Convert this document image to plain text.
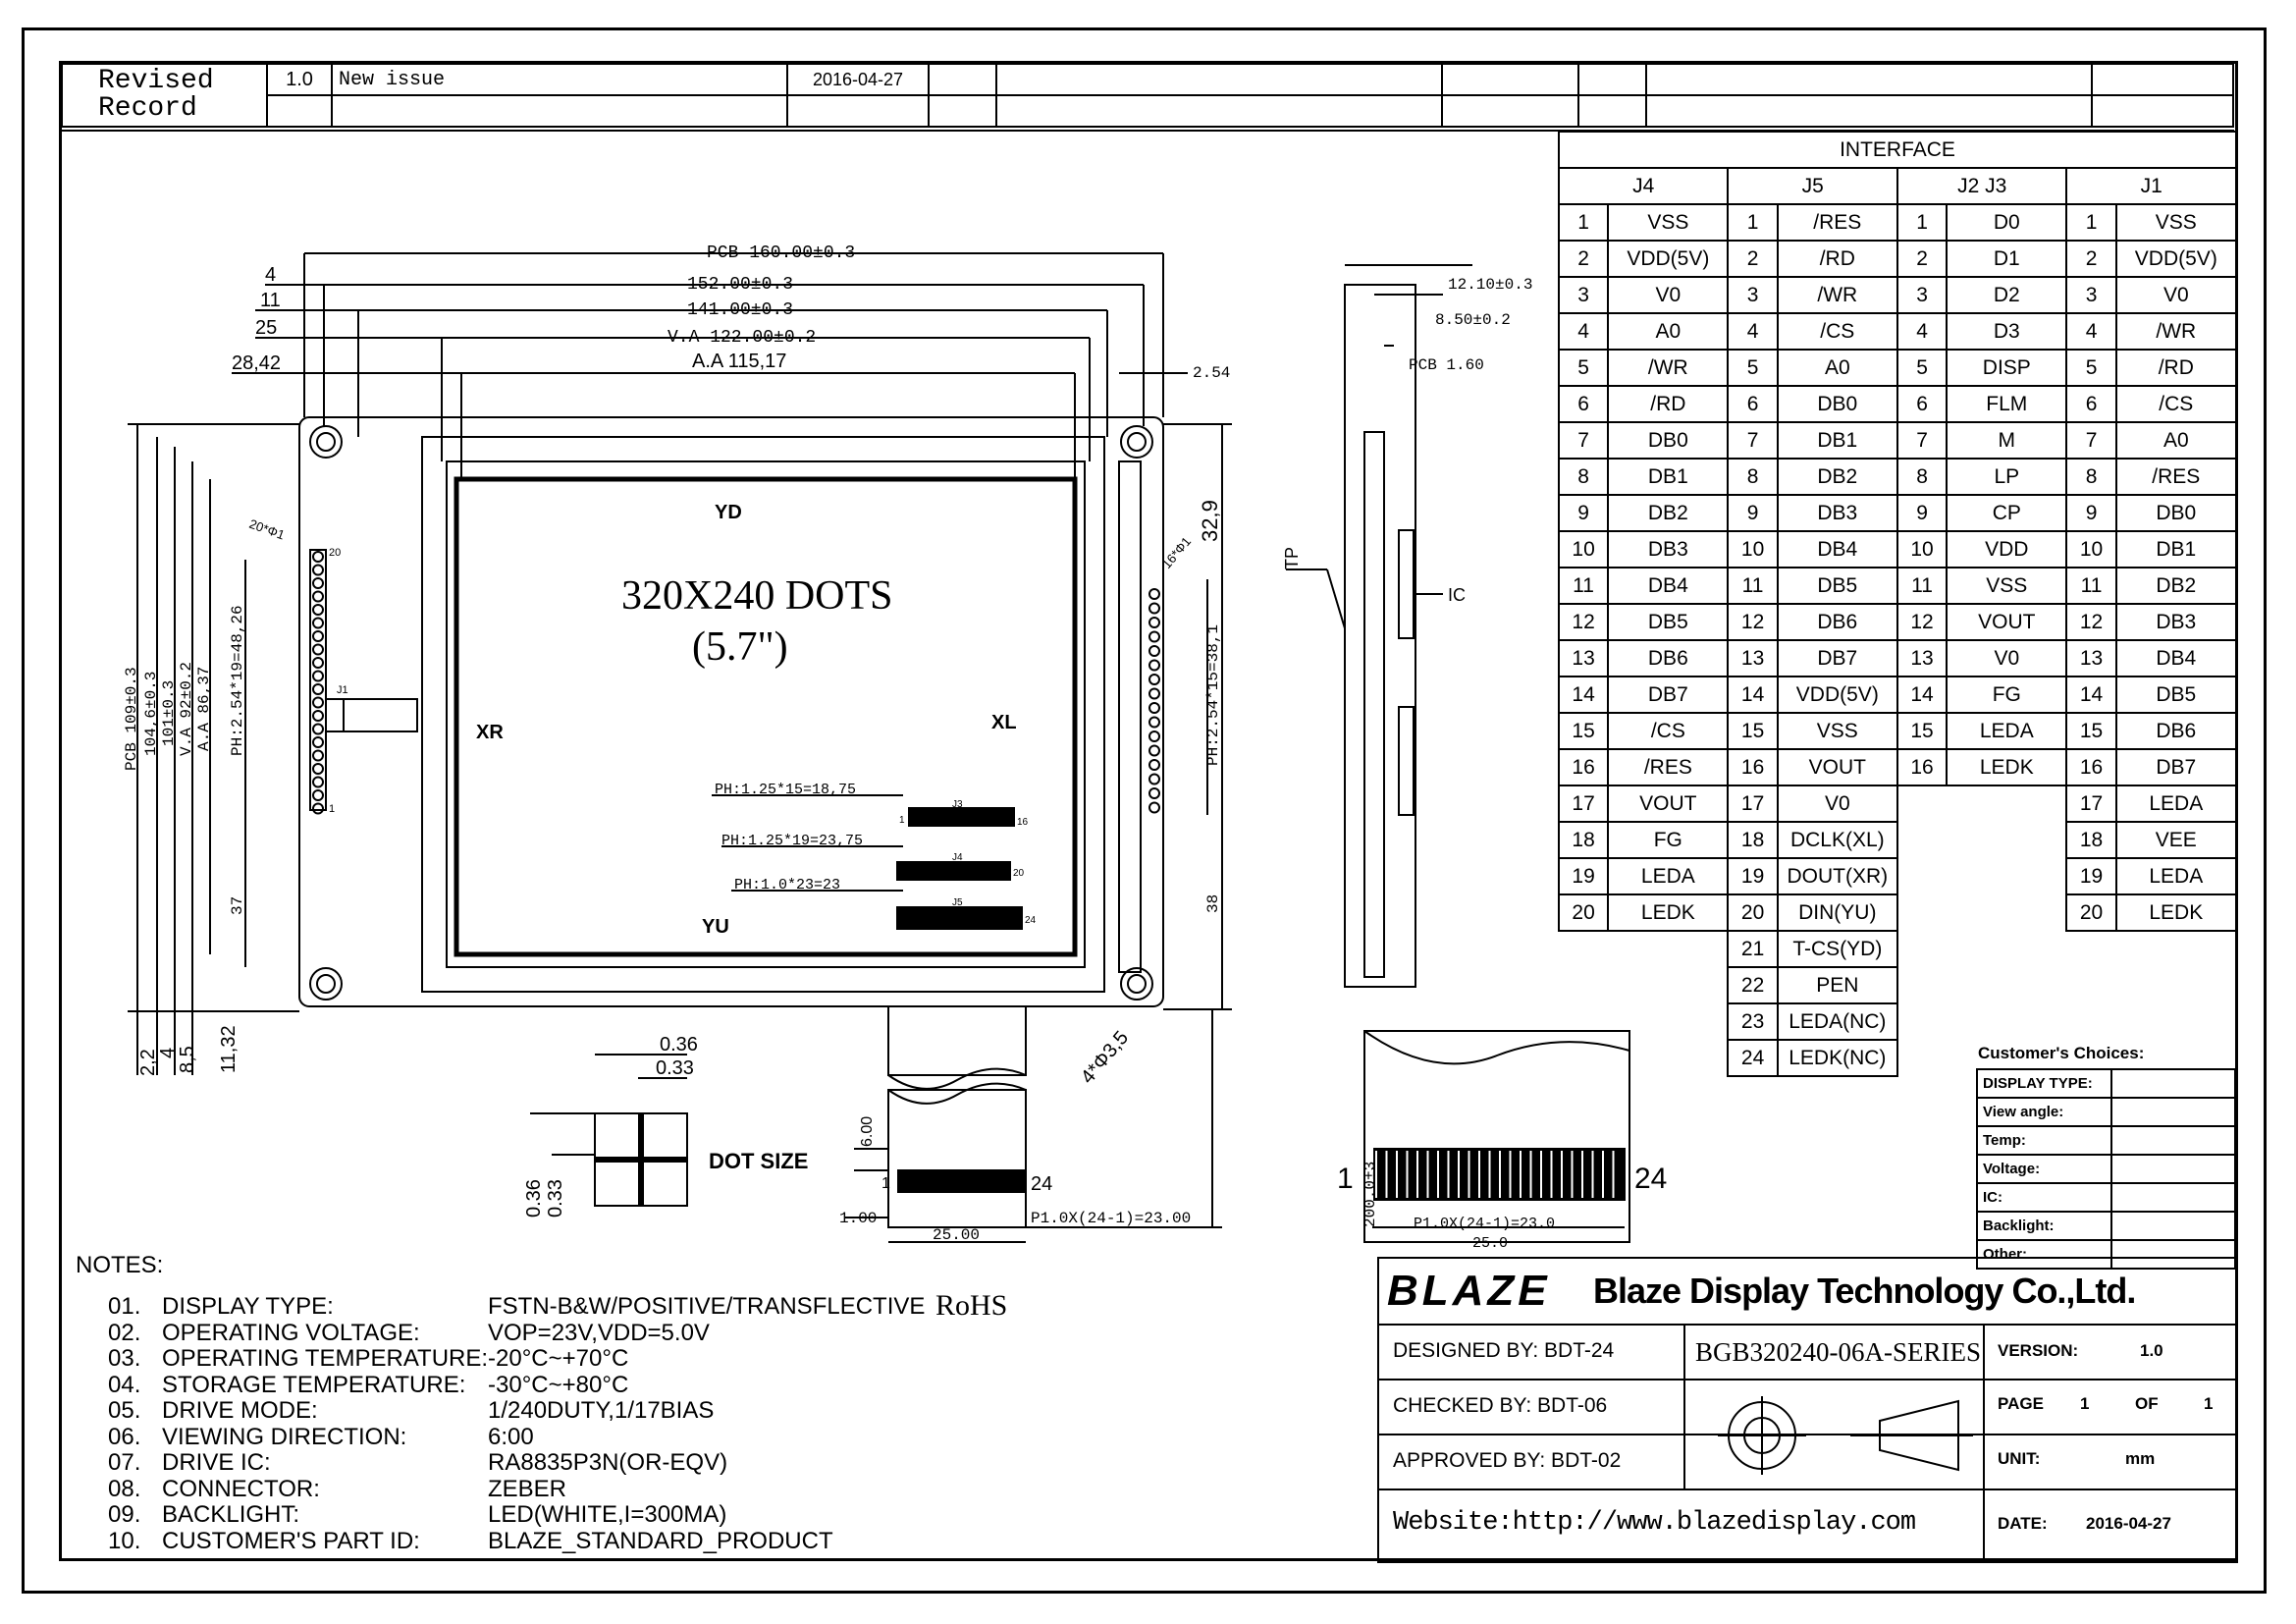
Revised Record	1.0	New issue	2016-04-27						

PCB 160.00±0.3
152.00±0.3
141.00±0.3
V.A 122.00±0.2
A.A 115,17
4
11
25
28,42	2.54
YD
YU
XR	XL
320X240 DOTS
(5.7")
PH:1.25*15=18,75
PH:1.25*19=23,75
PH:1.0*23=23
J3
J4
J5
16
20
24
1
20
1
J1
200.0±3
P1.0X(24-1)=23.00
25.00
1.00
1	24
12.10±0.3
8.50±0.2
PCB 1.60
IC
P1.0X(24-1)=23.0
25.0
1	24
0.36
0.33
DOT SIZE
PCB 109±0.3 104,6±0.3 101±0.3 V.A 92±0.2 A.A 86,37 PH:2.54*19=48,26
37
PH:2.54*15=38,1
38
32,9
2,2
4
8,5 11,32
6.00
TP
0.36 0.33
20*Φ1
16*Φ1
4*Φ3,5
INTERFACE							
J4		J5		J2 J3		J1	
1	VSS	1	/RES	1	D0	1	VSS
2	VDD(5V)	2	/RD	2	D1	2	VDD(5V)
3	V0	3	/WR	3	D2	3	V0
4	A0	4	/CS	4	D3	4	/WR
5	/WR	5	A0	5	DISP	5	/RD
6	/RD	6	DB0	6	FLM	6	/CS
7	DB0	7	DB1	7	M	7	A0
8	DB1	8	DB2	8	LP	8	/RES
9	DB2	9	DB3	9	CP	9	DB0
10	DB3	10	DB4	10	VDD	10	DB1
11	DB4	11	DB5	11	VSS	11	DB2
12	DB5	12	DB6	12	VOUT	12	DB3
13	DB6	13	DB7	13	V0	13	DB4
14	DB7	14	VDD(5V)	14	FG	14	DB5
15	/CS	15	VSS	15	LEDA	15	DB6
16	/RES	16	VOUT	16	LEDK	16	DB7
17	VOUT	17	V0			17	LEDA
18	FG	18	DCLK(XL)			18	VEE
19	LEDA	19	DOUT(XR)			19	LEDA
20	LEDK	20	DIN(YU)			20	LEDK
		21	T-CS(YD)				
		22	PEN				
		23	LEDA(NC)				
		24	LEDK(NC)				
NOTES:
01. DISPLAY TYPE:	FSTN-B&W/POSITIVE/TRANSFLECTIVE RoHS
02. OPERATING VOLTAGE:	VOP=23V,VDD=5.0V
03. OPERATING TEMPERATURE: -20°C~+70°C
04. STORAGE TEMPERATURE: -30°C~+80°C
05. DRIVE MODE:	1/240DUTY,1/17BIAS
06. VIEWING DIRECTION:	6:00
07. DRIVE IC:	RA8835P3N(OR-EQV)
08. CONNECTOR:	ZEBER
09. BACKLIGHT:	LED(WHITE,I=300MA)
10. CUSTOMER'S PART ID:	BLAZE_STANDARD_PRODUCT
Customer's Choices:
DISPLAY TYPE:	
View angle:	
Temp:	
Voltage:	
IC:	
Backlight:	
Other:	
BLAZE Blaze Display Technology Co.,Ltd.
DESIGNED BY: BDT-24
CHECKED BY: BDT-06
APPROVED BY: BDT-02
BGB320240-06A-SERIES VERSION:	1.0
PAGE 1	OF	1
UNIT:	mm
DATE: 2016-04-27
Website:http://www.blazedisplay.com
